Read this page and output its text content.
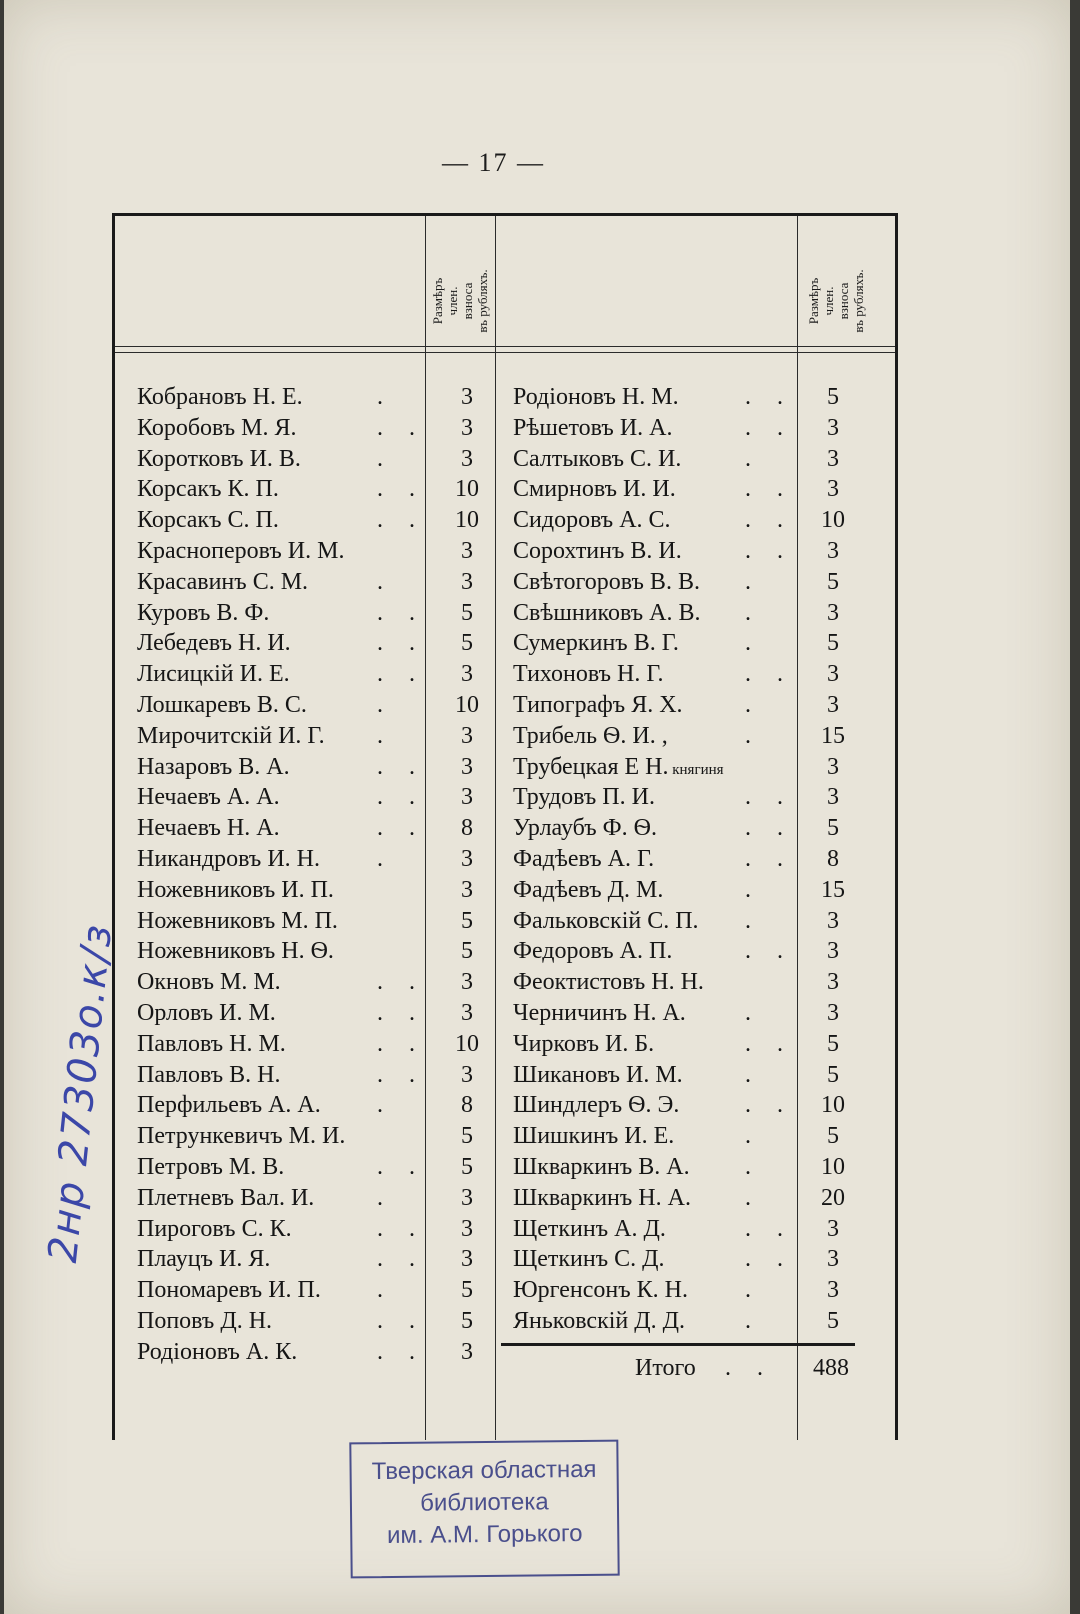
— 17 —
Размѣръ
член. взноса
въ рубляхъ.	Размѣръ
член. взноса
въ рубляхъ.
Кобрановъ Н. Е.	.	3
Коробовъ М. Я.	. .	3
Коротковъ И. В.	.	3
Корсакъ К. П.	. .	10
Корсакъ С. П.	. .	10
Красноперовъ И. М.	3
Красавинъ С. М.	.	3
Куровъ В. Ф.	. .	5
Лебедевъ Н. И.	. .	5
Лисицкій И. Е.	. .	3
Лошкаревъ В. С.	.	10
Мирочитскій И. Г. .	3
Назаровъ В. А.	. .	3
Нечаевъ А. А.	. .	3
Нечаевъ Н. А.	. .	8
Никандровъ И. Н. .	3
Ножевниковъ И. П.	3
Ножевниковъ М. П.	5
Ножевниковъ Н. Ѳ.	5
Окновъ М. М.	. .	3
Орловъ И. М.	. .	3
Павловъ Н. М.	. .	10
Павловъ В. Н.	. .	3
Перфильевъ А. А. .	8
Петрункевичъ М. И.	5
Петровъ М. В.	. .	5
Плетневъ Вал. И.	.	3
Пироговъ С. К.	. .	3
Плауцъ И. Я.	. .	3
Пономаревъ И. П. .	5
Поповъ Д. Н.	. .	5
Родіоновъ А. К.	. .	3
Родіоновъ Н. М.	. .	5
Рѣшетовъ И. А.	. .	3
Салтыковъ С. И.	.	3
Смирновъ И. И.	. .	3
Сидоровъ А. С.	. .	10
Сорохтинъ В. И.	. .	3
Свѣтогоровъ В. В. .	5
Свѣшниковъ А. В. .	3
Сумеркинъ В. Г.	.	5
Тихоновъ Н. Г.	. .	3
Типографъ Я. Х.	.	3
Трибель Ѳ. И. ,	.	15
Трубецкая Е Н. княгиня	3
Трудовъ П. И.	. .	3
Урлаубъ Ф. Ѳ.	. .	5
Фадѣевъ А. Г.	. .	8
Фадѣевъ Д. М.	.	15
Фальковскій С. П. .	3
Федоровъ А. П.	. .	3
Феоктистовъ Н. Н.	3
Черничинъ Н. А. .	3
Чирковъ И. Б.	. .	5
Шикановъ И. М.	.	5
Шиндлеръ Ѳ. Э.	. .	10
Шишкинъ И. Е.	.	5
Шкваркинъ В. А. .	10
Шкваркинъ Н. А. .	20
Щеткинъ А. Д.	. .	3
Щеткинъ С. Д.	. .	3
Юргенсонъ К. Н. .	3
Яньковскій Д. Д.	.	5
Итого . .	488
Тверская областная
библиотека
им. А.М. Горького
2нр 27303о.к/з
